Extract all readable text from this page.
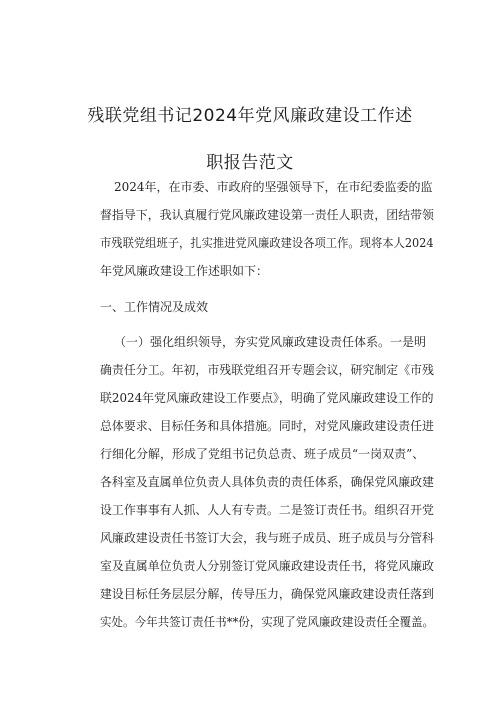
残联党组书记2024年党风廉政建设工作述
职报告范文

2024年，在市委、市政府的坚强领导下，在市纪委监委的监

督指导下，我认真履行党风廉政建设第一责任人职责，团结带领

市残联党组班子，扎实推进党风廉政建设各项工作。现将本人2024

年党风廉政建设工作述职如下：

一、工作情况及成效

（一）强化组织领导，夯实党风廉政建设责任体系。一是明

确责任分工。年初，市残联党组召开专题会议，研究制定《市残

联2024年党风廉政建设工作要点》，明确了党风廉政建设工作的

总体要求、目标任务和具体措施。同时，对党风廉政建设责任进

行细化分解，形成了党组书记负总责、班子成员“一岗双责”、

各科室及直属单位负责人具体负责的责任体系，确保党风廉政建

设工作事事有人抓、人人有专责。二是签订责任书。组织召开党

风廉政建设责任书签订大会，我与班子成员、班子成员与分管科

室及直属单位负责人分别签订党风廉政建设责任书，将党风廉政

建设目标任务层层分解，传导压力，确保党风廉政建设责任落到

实处。今年共签订责任书**份，实现了党风廉政建设责任全覆盖。
